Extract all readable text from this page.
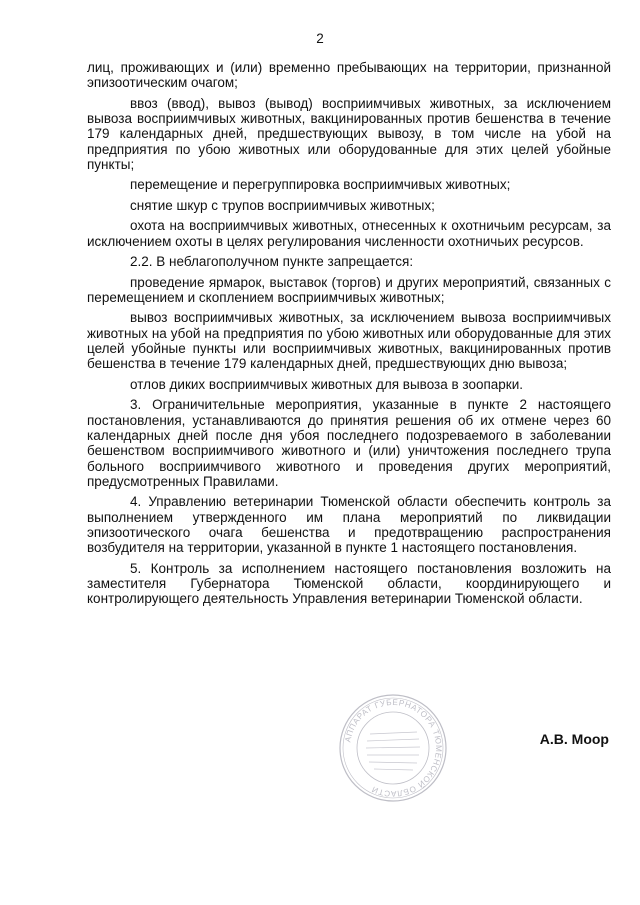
2

лиц, проживающих и (или) временно пребывающих на территории, признанной эпизоотическим очагом;

ввоз (ввод), вывоз (вывод) восприимчивых животных, за исключением вывоза восприимчивых животных, вакцинированных против бешенства в течение 179 календарных дней, предшествующих вывозу, в том числе на убой на предприятия по убою животных или оборудованные для этих целей убойные пункты;

перемещение и перегруппировка восприимчивых животных;

снятие шкур с трупов восприимчивых животных;

охота на восприимчивых животных, отнесенных к охотничьим ресурсам, за исключением охоты в целях регулирования численности охотничьих ресурсов.

2.2. В неблагополучном пункте запрещается:

проведение ярмарок, выставок (торгов) и других мероприятий, связанных с перемещением и скоплением восприимчивых животных;

вывоз восприимчивых животных, за исключением вывоза восприимчивых животных на убой на предприятия по убою животных или оборудованные для этих целей убойные пункты или восприимчивых животных, вакцинированных против бешенства в течение 179 календарных дней, предшествующих дню вывоза;

отлов диких восприимчивых животных для вывоза в зоопарки.

3. Ограничительные мероприятия, указанные в пункте 2 настоящего постановления, устанавливаются до принятия решения об их отмене через 60 календарных дней после дня убоя последнего подозреваемого в заболевании бешенством восприимчивого животного и (или) уничтожения последнего трупа больного восприимчивого животного и проведения других мероприятий, предусмотренных Правилами.

4. Управлению ветеринарии Тюменской области обеспечить контроль за выполнением утвержденного им плана мероприятий по ликвидации эпизоотического очага бешенства и предотвращению распространения возбудителя на территории, указанной в пункте 1 настоящего постановления.

5. Контроль за исполнением настоящего постановления возложить на заместителя Губернатора Тюменской области, координирующего и контролирующего деятельность Управления ветеринарии Тюменской области.

АППАРАТ ГУБЕРНАТОРА ТЮМЕНСКОЙ ОБЛАСТИ
А.В. Моор
